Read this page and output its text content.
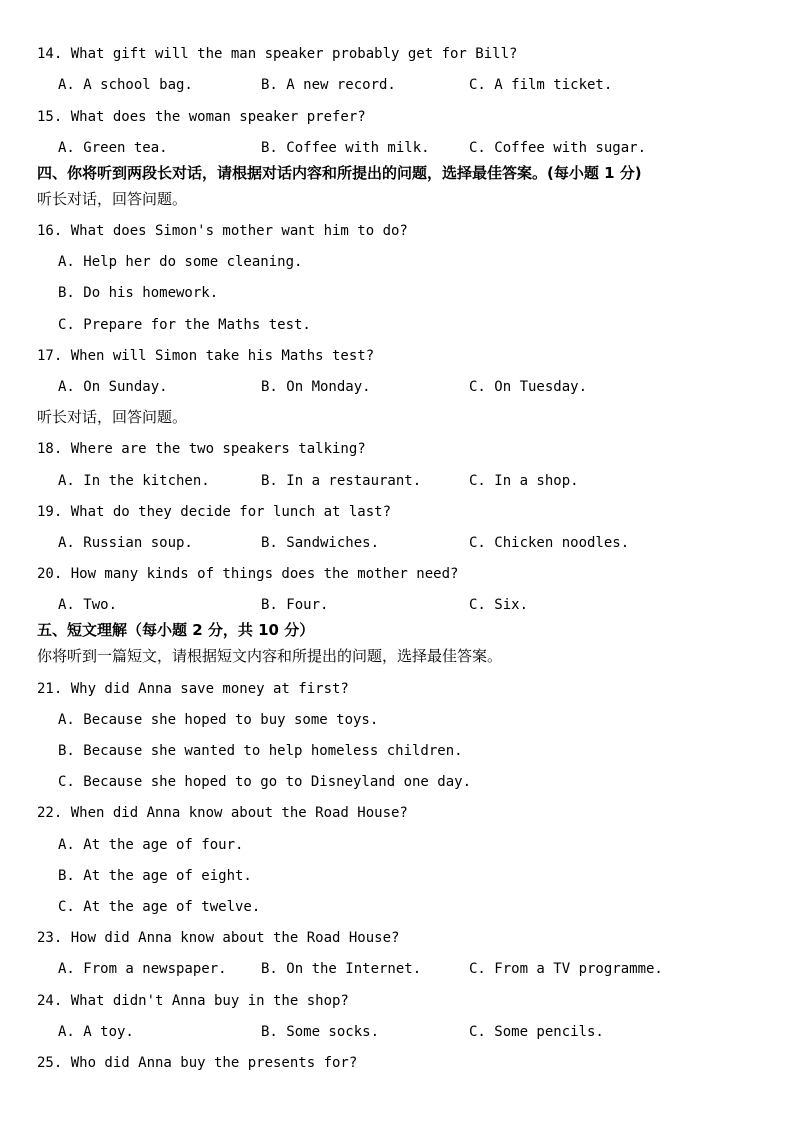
14. What gift will the man speaker probably get for Bill?
A. A school bag.	B. A new record.	C. A film ticket.
15. What does the woman speaker prefer?
A. Green tea.	B. Coffee with milk.	C. Coffee with sugar.
四、你将听到两段长对话，请根据对话内容和所提出的问题，选择最佳答案。(每小题 1 分)
听长对话，回答问题。
16. What does Simon's mother want him to do?
A. Help her do some cleaning.
B. Do his homework.
C. Prepare for the Maths test.
17. When will Simon take his Maths test?
A. On Sunday.	B. On Monday.	C. On Tuesday.
听长对话，回答问题。
18. Where are the two speakers talking?
A. In the kitchen.	B. In a restaurant.	C. In a shop.
19. What do they decide for lunch at last?
A. Russian soup.	B. Sandwiches.	C. Chicken noodles.
20. How many kinds of things does the mother need?
A. Two.	B. Four.	C. Six.
五、短文理解（每小题 2 分，共 10 分）
你将听到一篇短文，请根据短文内容和所提出的问题，选择最佳答案。
21. Why did Anna save money at first?
A. Because she hoped to buy some toys.
B. Because she wanted to help homeless children.
C. Because she hoped to go to Disneyland one day.
22. When did Anna know about the Road House?
A. At the age of four.
B. At the age of eight.
C. At the age of twelve.
23. How did Anna know about the Road House?
A. From a newspaper. B. On the Internet.	C. From a TV programme.
24. What didn't Anna buy in the shop?
A. A toy.	B. Some socks.	C. Some pencils.
25. Who did Anna buy the presents for?
